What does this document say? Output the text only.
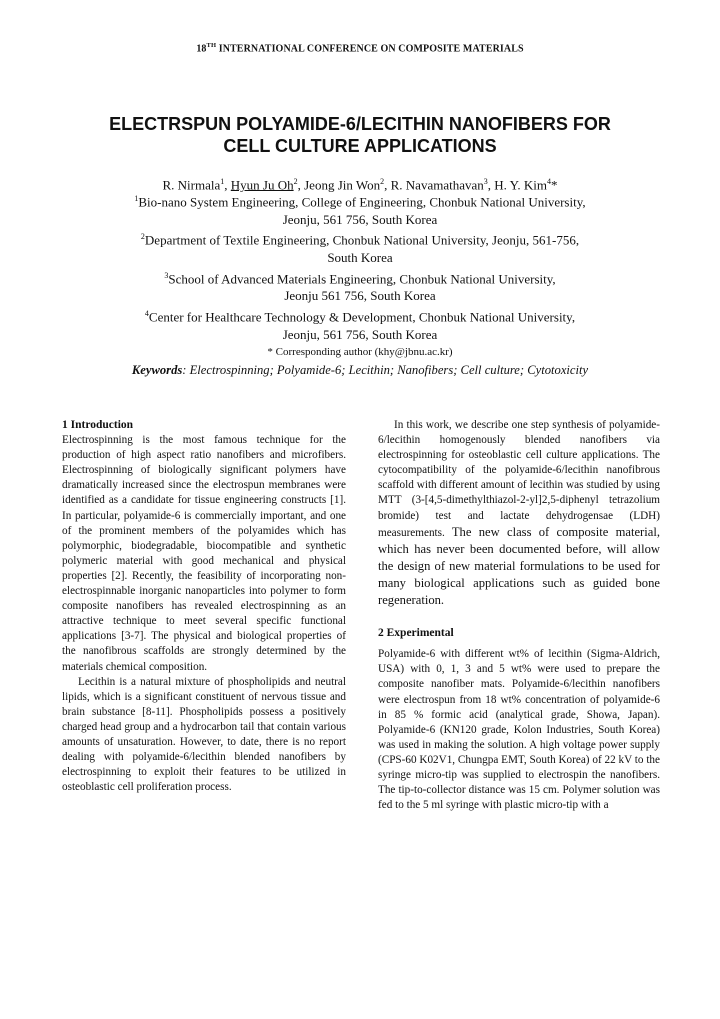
18TH INTERNATIONAL CONFERENCE ON COMPOSITE MATERIALS
ELECTRSPUN POLYAMIDE-6/LECITHIN NANOFIBERS FOR
CELL CULTURE APPLICATIONS
R. Nirmala$^1$, Hyun Ju Oh$^2$, Jeong Jin Won$^2$, R. Navamathavan$^3$, H. Y. Kim$^4$*
$^1$Bio-nano System Engineering, College of Engineering, Chonbuk National University,
Jeonju, 561 756, South Korea
$^2$Department of Textile Engineering, Chonbuk National University, Jeonju, 561-756,
South Korea
$^3$School of Advanced Materials Engineering, Chonbuk National University,
Jeonju 561 756, South Korea
$^4$Center for Healthcare Technology & Development, Chonbuk National University,
Jeonju, 561 756, South Korea
* Corresponding author (khy@jbnu.ac.kr)
Keywords: Electrospinning; Polyamide-6; Lecithin; Nanofibers; Cell culture; Cytotoxicity
1 Introduction

Electrospinning is the most famous technique for the production of high aspect ratio nanofibers and microfibers. Electrospinning of biologically significant polymers have dramatically increased since the electrospun membranes were identified as a candidate for tissue engineering constructs [1]. In particular, polyamide-6 is commercially important, and one of the prominent members of the polyamides which has polymorphic, biodegradable, biocompatible and synthetic polymeric material with good mechanical and physical properties [2]. Recently, the feasibility of incorporating non-electrospinnable inorganic nanoparticles into polymer to form composite nanofibers has revealed electrospinning as an attractive technique to meet several specific functional applications [3-7]. The physical and biological properties of the nanofibrous scaffolds are strongly determined by the materials chemical composition.

Lecithin is a natural mixture of phospholipids and neutral lipids, which is a significant constituent of nervous tissue and brain substance [8-11]. Phospholipids possess a positively charged head group and a hydrocarbon tail that contain various amounts of unsaturation. However, to date, there is no report dealing with polyamide-6/lecithin blended nanofibers by electrospinning to exploit their features to be utilized in osteoblastic cell proliferation process.

In this work, we describe one step synthesis of polyamide-6/lecithin homogenously blended nanofibers via electrospinning for osteoblastic cell culture applications. The cytocompatibility of the polyamide-6/lecithin nanofibrous scaffold with different amount of lecithin was studied by using MTT (3-[4,5-dimethylthiazol-2-yl]2,5-diphenyl tetrazolium bromide) test and lactate dehydrogensae (LDH) measurements. The new class of composite material, which has never been documented before, will allow the design of new material formulations to be used for many biological applications such as guided bone regeneration.

2 Experimental

Polyamide-6 with different wt% of lecithin (Sigma-Aldrich, USA) with 0, 1, 3 and 5 wt% were used to prepare the composite nanofiber mats. Polyamide-6/lecithin nanofibers were electrospun from 18 wt% concentration of polyamide-6 in 85 % formic acid (analytical grade, Showa, Japan). Polyamide-6 (KN120 grade, Kolon Industries, South Korea) was used in making the solution. A high voltage power supply (CPS-60 K02V1, Chungpa EMT, South Korea) of 22 kV to the syringe micro-tip was supplied to electrospin the nanofibers. The tip-to-collector distance was 15 cm. Polymer solution was fed to the 5 ml syringe with plastic micro-tip with a
